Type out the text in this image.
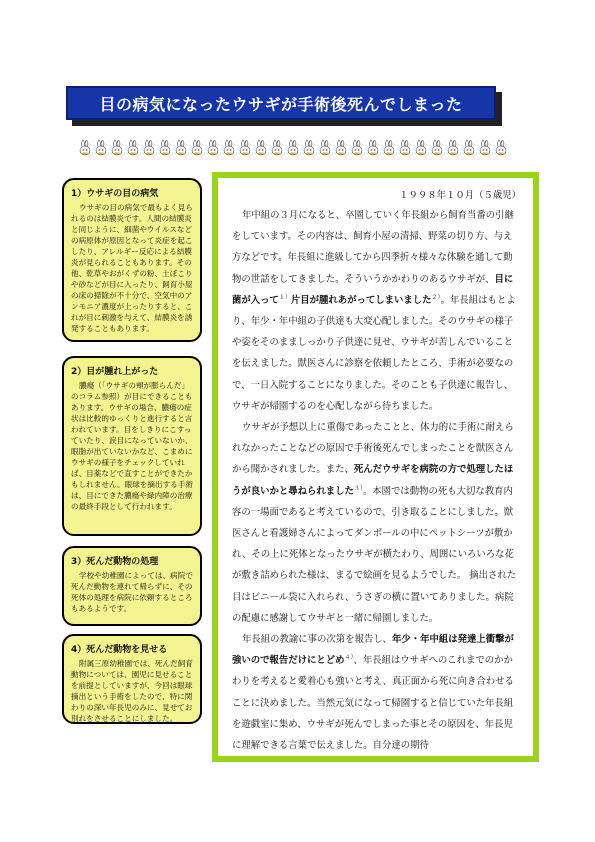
目の病気になったウサギが手術後死んでしまった
1）ウサギの目の病気
ウサギの目の病気で最もよく見られるのは結膜炎です。人間の結膜炎と同じように、細菌やウイルスなどの病原体が原因となって炎症を起こしたり、アレルギー反応による結膜炎が見られることもあります。その他、乾草やおがくずの粉、土ぼこりや砂などが目に入ったり、飼育小屋の床の掃除が不十分で、空気中のアンモニア濃度が上ったりすると、これが目に刺激を与えて、結膜炎を誘発することもあります。
2）目が腫れ上がった
膿瘍（「ウサギの頬が膨らんだ」のコラム参照）が目にできることもあります。ウサギの場合、膿瘍の症状は比較的ゆっくりと進行すると言われています。目をしきりにこすっていたり、涙目になっていないか、眼脂が出ていないかなど、こまめにウサギの様子をチェックしていれば、目薬などで直すことができたかもしれません。眼球を摘出する手術は、目にできた膿瘍や緑内障の治療の最終手段として行われます。
3）死んだ動物の処理
学校や幼稚園によっては、病院で死んだ動物を連れて帰らずに、その死体の処理を病院に依頼するところもあるようです。
4）死んだ動物を見せる
附属三原幼稚園では、死んだ飼育動物については、園児に見せることを前提としていますが、今回は眼球摘出という手術をしたので、特に関わりの深い年長児のみに、見せてお別れをさせることにしました。
１９９８年１０月（５歳児）

年中組の３月になると、卒園していく年長組から飼育当番の引継をしています。その内容は、飼育小屋の清掃、野菜の切り方、与え方などです。年長組に進級してから四季折々様々な体験を通して動物の世話をしてきました。そういうかかわりのあるウサギが、目に菌が入って$^{1)}$片目が腫れあがってしまいました$^{2)}$。年長組はもとより、年少・年中組の子供達も大変心配しました。そのウサギの様子や姿をそのまましっかり子供達に見せ、ウサギが苦しんでいることを伝えました。獣医さんに診察を依頼したところ、手術が必要なので、一日入院することになりました。そのことも子供達に報告し、ウサギが帰園するのを心配しながら待ちました。

ウサギが予想以上に重傷であったことと、体力的に手術に耐えられなかったことなどの原因で手術後死んでしまったことを獣医さんから聞かされました。また、死んだウサギを病院の方で処理したほうが良いかと尋ねられました$^{3)}$。本園では動物の死も大切な教育内容の一場面であると考えているので、引き取ることにしました。獣医さんと看護婦さんによってダンボールの中にペットシーツが敷かれ、その上に死体となったウサギが横たわり、周囲にいろいろな花が敷き詰められた様は、まるで絵画を見るようでした。 摘出された目はビニール袋に入れられ、うさぎの横に置いてありました。病院の配慮に感謝してウサギと一緒に帰園しました。

年長組の教諭に事の次第を報告し、年少・年中組は発達上衝撃が強いので報告だけにとどめ$^{4)}$、年長組はウサギへのこれまでのかかわりを考えると愛着心も強いと考え、真正面から死に向き合わせることに決めました。当然元気になって帰園すると信じていた年長組を遊戯室に集め、ウサギが死んでしまった事とその原因を、年長児に理解できる言葉で伝えました。自分達の期待
